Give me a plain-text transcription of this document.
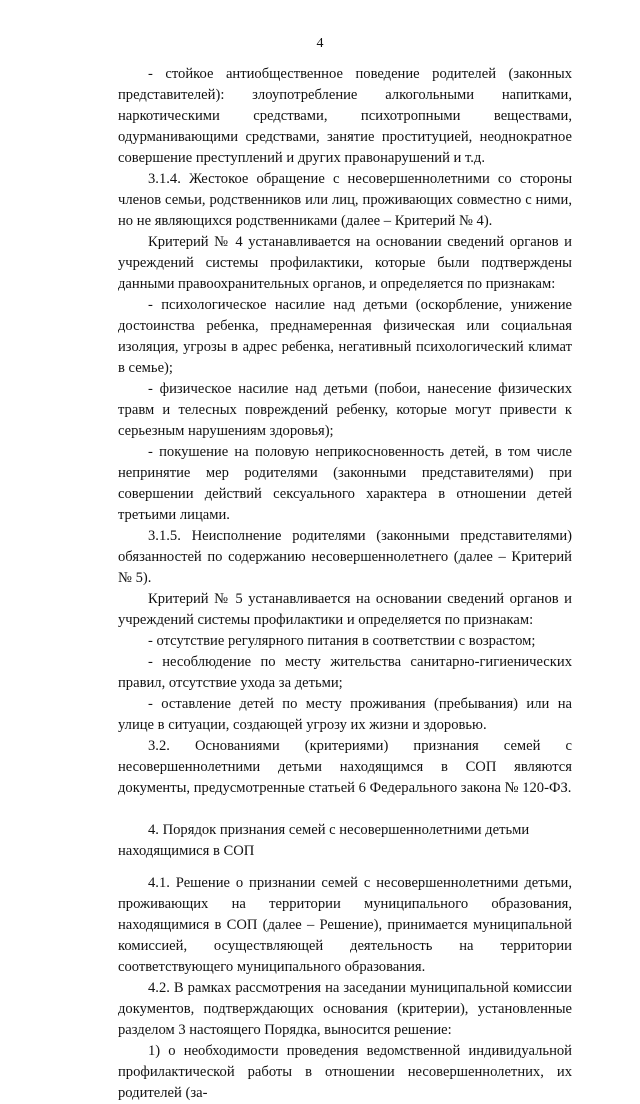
4

- стойкое антиобщественное поведение родителей (законных представителей): злоупотребление алкогольными напитками, наркотическими средствами, психотропными веществами, одурманивающими средствами, занятие проституцией, неоднократное совершение преступлений и других правонарушений и т.д.

3.1.4. Жестокое обращение с несовершеннолетними со стороны членов семьи, родственников или лиц, проживающих совместно с ними, но не являющихся родственниками (далее – Критерий № 4).

Критерий № 4 устанавливается на основании сведений органов и учреждений системы профилактики, которые были подтверждены данными правоохранительных органов, и определяется по признакам:

- психологическое насилие над детьми (оскорбление, унижение достоинства ребенка, преднамеренная физическая или социальная изоляция, угрозы в адрес ребенка, негативный психологический климат в семье);

- физическое насилие над детьми (побои, нанесение физических травм и телесных повреждений ребенку, которые могут привести к серьезным нарушениям здоровья);

- покушение на половую неприкосновенность детей, в том числе непринятие мер родителями (законными представителями) при совершении действий сексуального характера в отношении детей третьими лицами.

3.1.5. Неисполнение родителями (законными представителями) обязанностей по содержанию несовершеннолетнего (далее – Критерий № 5).

Критерий № 5 устанавливается на основании сведений органов и учреждений системы профилактики и определяется по признакам:

- отсутствие регулярного питания в соответствии с возрастом;

- несоблюдение по месту жительства санитарно-гигиенических правил, отсутствие ухода за детьми;

- оставление детей по месту проживания (пребывания) или на улице в ситуации, создающей угрозу их жизни и здоровью.

3.2. Основаниями (критериями) признания семей с несовершеннолетними детьми находящимся в СОП являются документы, предусмотренные статьей 6 Федерального закона № 120-ФЗ.

4. Порядок признания семей с несовершеннолетними детьми находящимися в СОП

4.1. Решение о признании семей с несовершеннолетними детьми, проживающих на территории муниципального образования, находящимися в СОП (далее – Решение), принимается муниципальной комиссией, осуществляющей деятельность на территории соответствующего муниципального образования.

4.2. В рамках рассмотрения на заседании муниципальной комиссии документов, подтверждающих основания (критерии), установленные разделом 3 настоящего Порядка, выносится решение:

1) о необходимости проведения ведомственной индивидуальной профилактической работы в отношении несовершеннолетних, их родителей (за-
